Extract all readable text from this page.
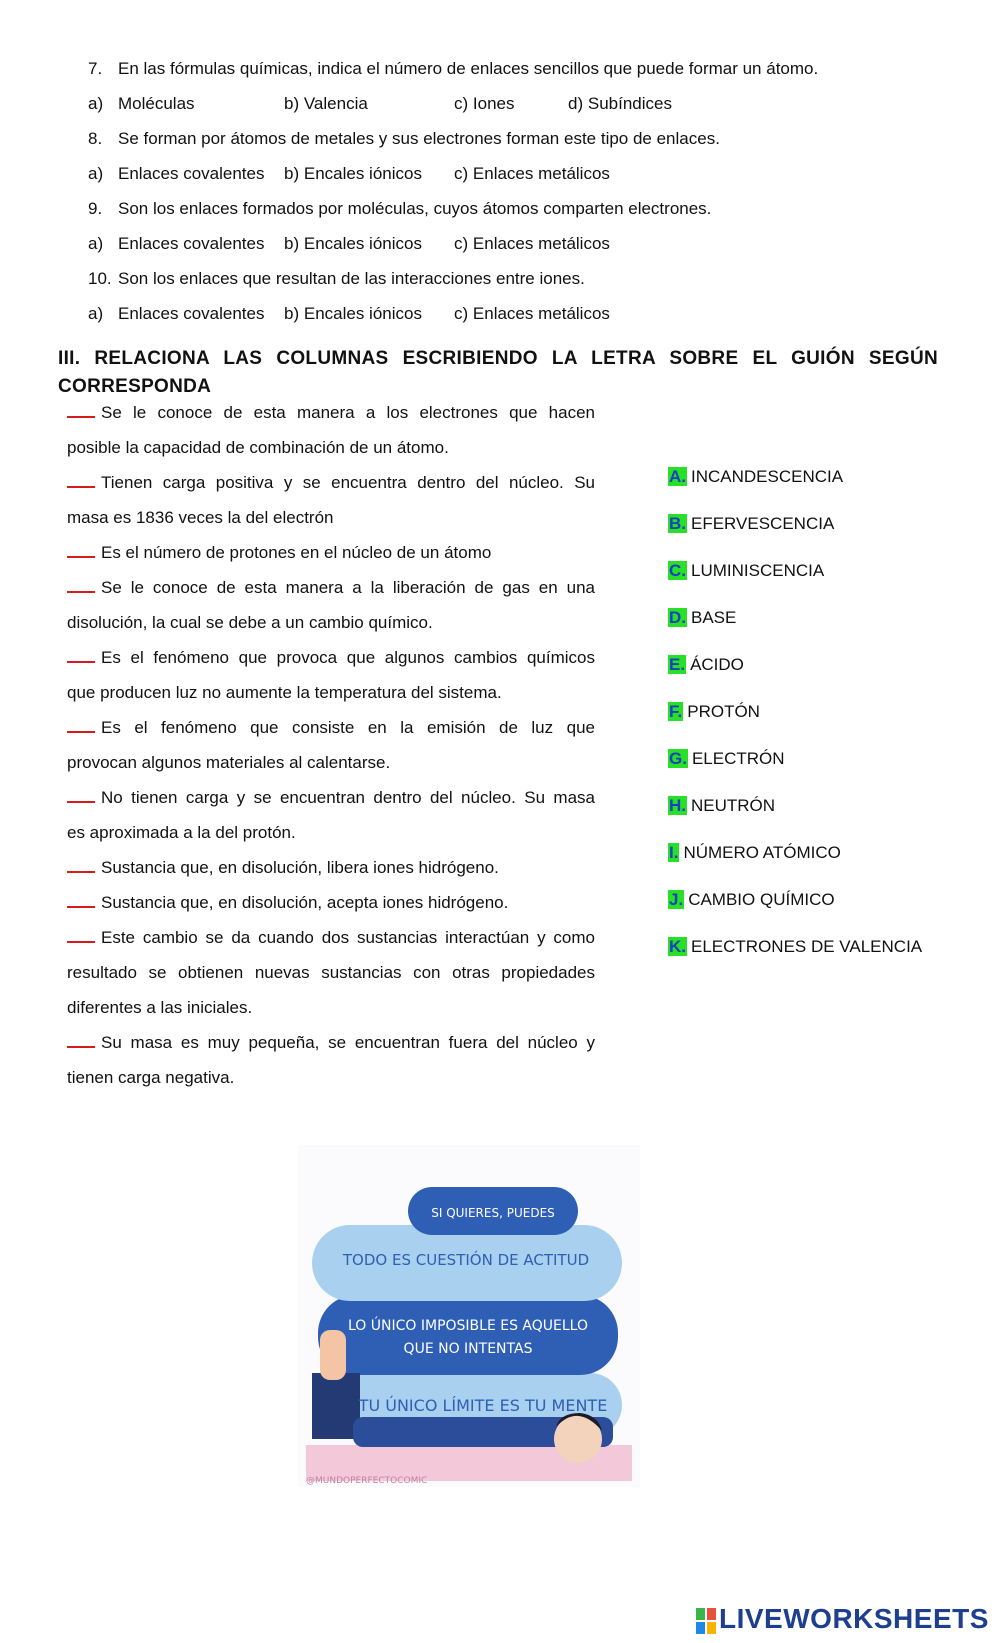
7. En las fórmulas químicas, indica el número de enlaces sencillos que puede formar un átomo.
a) Moléculas	b) Valencia	c) Iones	d) Subíndices
8. Se forman por átomos de metales y sus electrones forman este tipo de enlaces.
a) Enlaces covalentes b) Encales iónicos c) Enlaces metálicos
9. Son los enlaces formados por moléculas, cuyos átomos comparten electrones.
a) Enlaces covalentes b) Encales iónicos c) Enlaces metálicos
10. Son los enlaces que resultan de las interacciones entre iones.
a) Enlaces covalentes b) Encales iónicos c) Enlaces metálicos
III. RELACIONA LAS COLUMNAS ESCRIBIENDO LA LETRA SOBRE EL GUIÓN SEGÚN CORRESPONDA
Se le conoce de esta manera a los electrones que hacen
posible la capacidad de combinación de un átomo.
Tienen carga positiva y se encuentra dentro del núcleo. Su
masa es 1836 veces la del electrón
Es el número de protones en el núcleo de un átomo
Se le conoce de esta manera a la liberación de gas en una
disolución, la cual se debe a un cambio químico.
Es el fenómeno que provoca que algunos cambios químicos
que producen luz no aumente la temperatura del sistema.
Es el fenómeno que consiste en la emisión de luz que
provocan algunos materiales al calentarse.
No tienen carga y se encuentran dentro del núcleo. Su masa
es aproximada a la del protón.
Sustancia que, en disolución, libera iones hidrógeno.
Sustancia que, en disolución, acepta iones hidrógeno.
Este cambio se da cuando dos sustancias interactúan y como
resultado se obtienen nuevas sustancias con otras propiedades
diferentes a las iniciales.
Su masa es muy pequeña, se encuentran fuera del núcleo y
tienen carga negativa.
A. INCANDESCENCIA
B. EFERVESCENCIA
C. LUMINISCENCIA
D. BASE
E. ÁCIDO
F. PROTÓN
G. ELECTRÓN
H. NEUTRÓN
I. NÚMERO ATÓMICO
J. CAMBIO QUÍMICO
K. ELECTRONES DE VALENCIA
SI QUIERES, PUEDES
TODO ES CUESTIÓN DE ACTITUD
LO ÚNICO IMPOSIBLE ES AQUELLO
QUE NO INTENTAS
TU ÚNICO LÍMITE ES TU MENTE
@MUNDOPERFECTOCOMIC
LIVEWORKSHEETS
